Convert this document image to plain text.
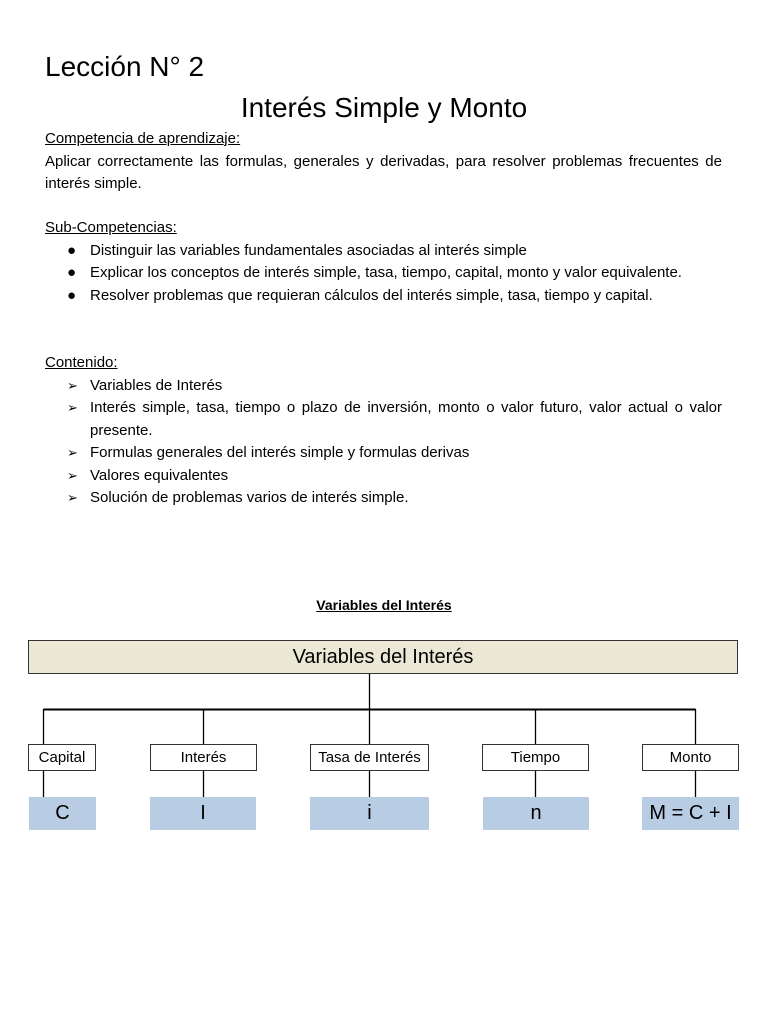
Lección N° 2
Interés Simple y Monto
Competencia de aprendizaje:
Aplicar correctamente las formulas, generales y derivadas, para resolver problemas frecuentes de interés simple.
Sub-Competencias:
● Distinguir las variables fundamentales asociadas al interés simple
● Explicar los conceptos de interés simple, tasa, tiempo, capital, monto y valor equivalente.
● Resolver problemas que requieran cálculos del interés simple, tasa, tiempo y capital.
Contenido:
➢ Variables de Interés
➢ Interés simple, tasa, tiempo o plazo de inversión, monto o valor futuro, valor actual o valor presente.
➢ Formulas generales del interés simple y formulas derivas
➢ Valores equivalentes
➢ Solución de problemas varios de interés simple.
Variables del Interés
Variables del Interés
Capital	Interés	Tasa de Interés	Tiempo	Monto
C	I	i	n	M = C + I
